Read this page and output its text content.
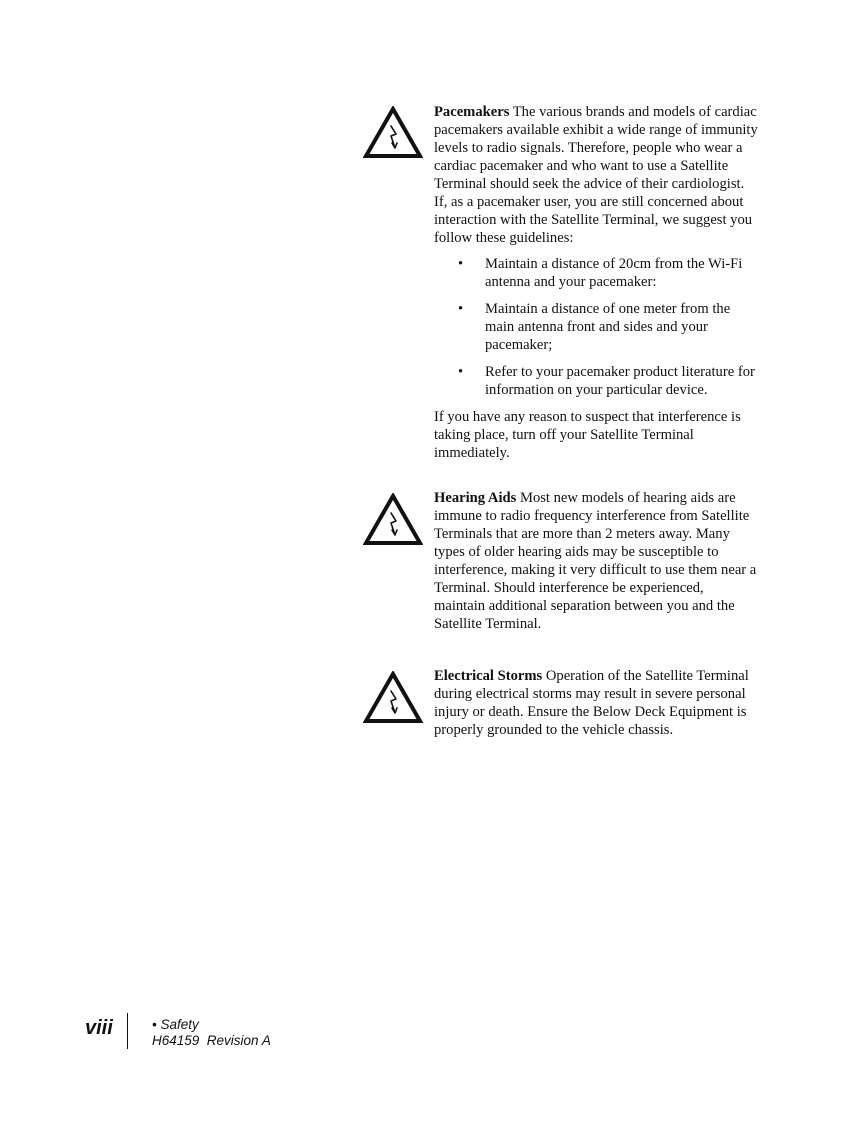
Pacemakers The various brands and models of cardiac pacemakers available exhibit a wide range of immunity levels to radio signals. Therefore, people who wear a cardiac pacemaker and who want to use a Satellite Terminal should seek the advice of their cardiologist. If, as a pacemaker user, you are still concerned about interaction with the Satellite Terminal, we suggest you follow these guidelines:

• Maintain a distance of 20cm from the Wi-Fi antenna and your pacemaker:
• Maintain a distance of one meter from the main antenna front and sides and your pacemaker;
• Refer to your pacemaker product literature for information on your particular device.

If you have any reason to suspect that interference is taking place, turn off your Satellite Terminal immediately.

Hearing Aids Most new models of hearing aids are immune to radio frequency interference from Satellite Terminals that are more than 2 meters away. Many types of older hearing aids may be susceptible to interference, making it very difficult to use them near a Terminal. Should interference be experienced, maintain additional separation between you and the Satellite Terminal.

Electrical Storms Operation of the Satellite Terminal during electrical storms may result in severe personal injury or death. Ensure the Below Deck Equipment is properly grounded to the vehicle chassis.

viii	• Safety
H64159  Revision A
